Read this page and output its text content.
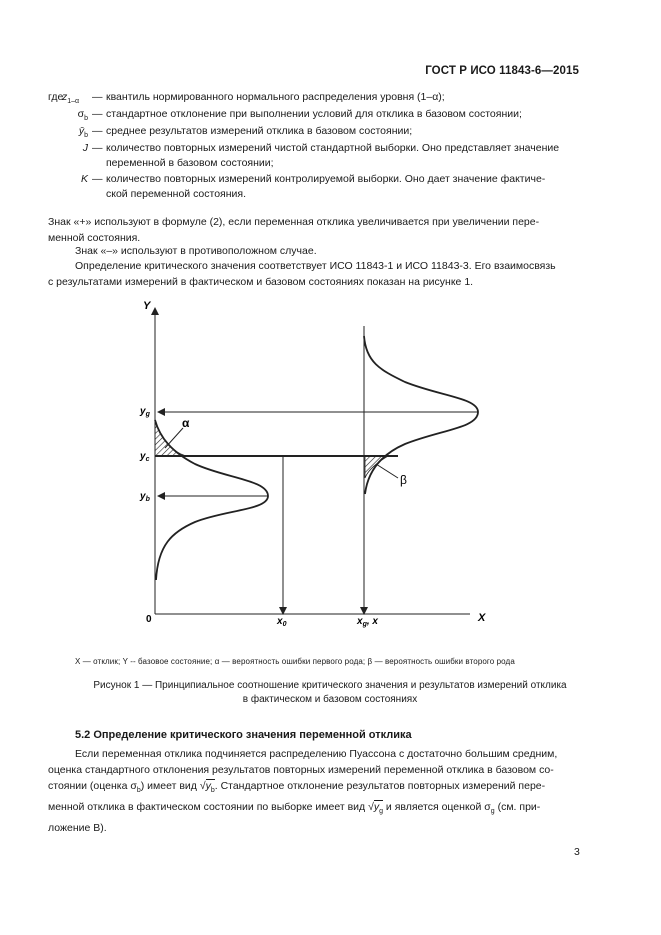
ГОСТ Р ИСО 11843-6—2015
где
$z_{1-\alpha}$	— квантиль нормированного нормального распределения уровня (1–α);
$\sigma_b$ — стандартное отклонение при выполнении условий для отклика в базовом состоянии;
$ȳ_b$ — среднее результатов измерений отклика в базовом состоянии;
J — количество повторных измерений чистой стандартной выборки. Оно представляет значение
переменной в базовом состоянии;
K — количество повторных измерений контролируемой выборки. Оно дает значение фактиче-
ской переменной состояния.
Знак «+» используют в формуле (2), если переменная отклика увеличивается при увеличении пере-
менной состояния.
Знак «–» используют в противоположном случае.
Определение критического значения соответствует ИСО 11843-1 и ИСО 11843-3. Его взаимосвязь
с результатами измерений в фактическом и базовом состояниях показан на рисунке 1.
Y
0	X
$x_0$	$x_g$, x
$y_g$
$y_c$
$y_b$
α
β
X — отклик; Y -- базовое состояние; α — вероятность ошибки первого рода; β — вероятность ошибки второго рода
Рисунок 1 — Принципиальное соотношение критического значения и результатов измерений отклика
в фактическом и базовом состояниях
5.2 Определение критического значения переменной отклика
Если переменная отклика подчиняется распределению Пуассона с достаточно большим средним,
оценка стандартного отклонения результатов повторных измерений переменной отклика в базовом со-
стоянии (оценка $\sigma_b$) имеет вид $√y_b$. Стандартное отклонение результатов повторных измерений пере-
менной отклика в фактическом состоянии по выборке имеет вид $√y_g$ и является оценкой $\sigma_g$ (см. при-
ложение В).
3
